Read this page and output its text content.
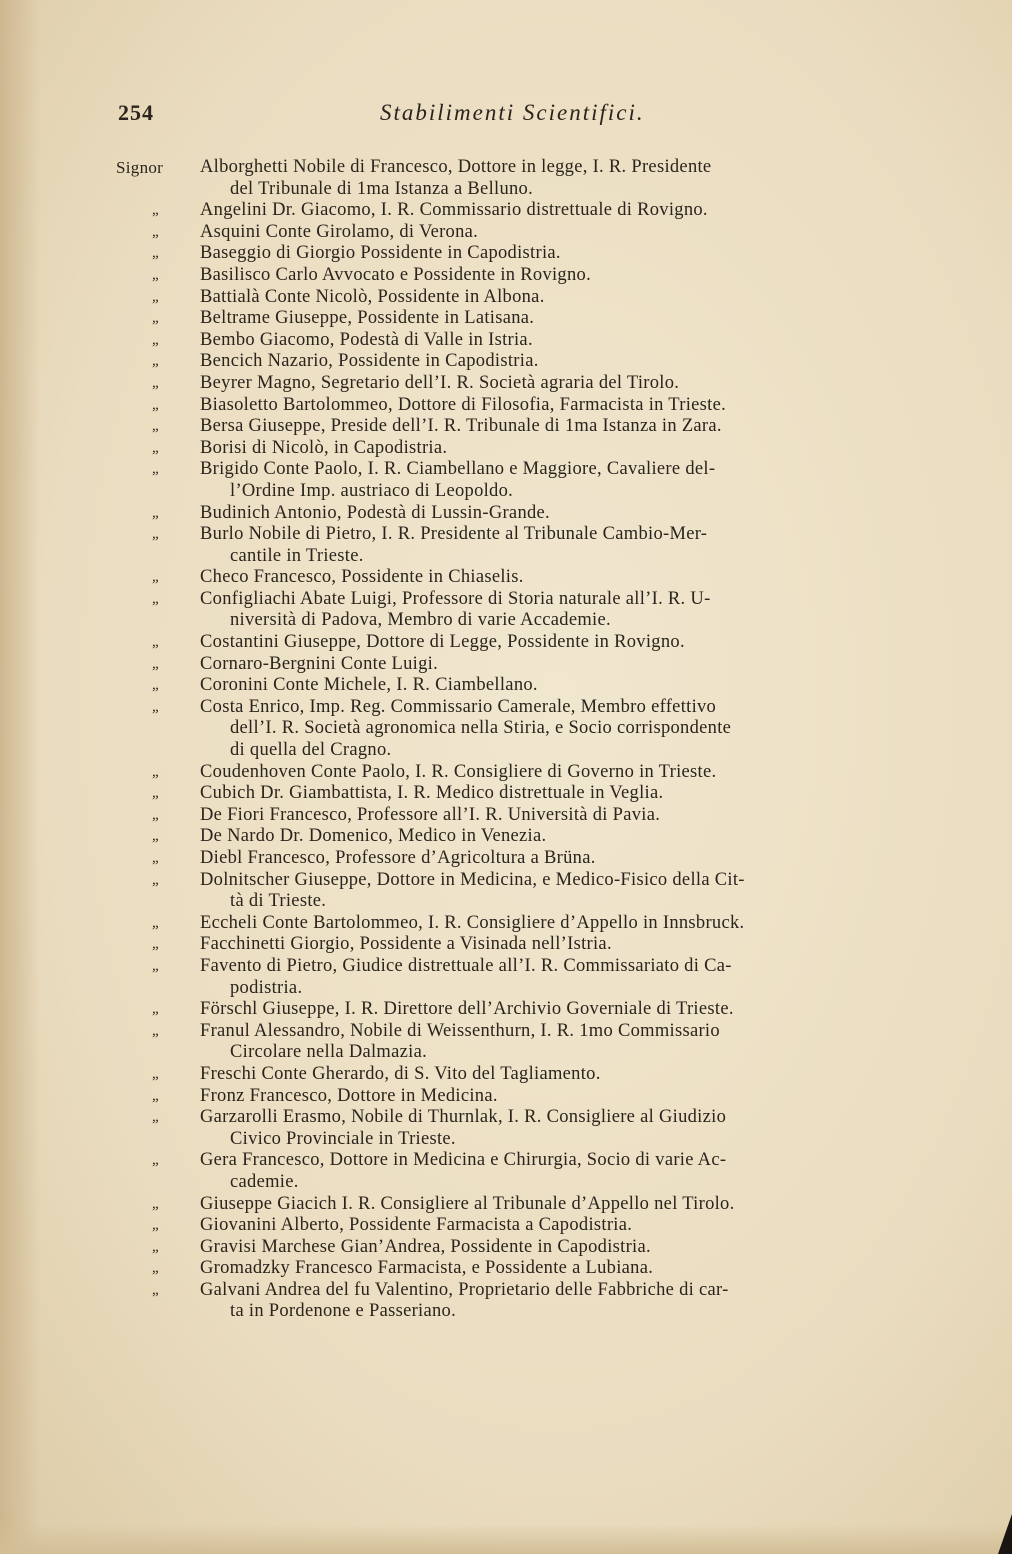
254	Stabilimenti Scientifici.
Signor	Alborghetti Nobile di Francesco, Dottore in legge, I. R. Presidente
del Tribunale di 1ma Istanza a Belluno.
„	Angelini Dr. Giacomo, I. R. Commissario distrettuale di Rovigno.
„	Asquini Conte Girolamo, di Verona.
„	Baseggio di Giorgio Possidente in Capodistria.
„	Basilisco Carlo Avvocato e Possidente in Rovigno.
„	Battialà Conte Nicolò, Possidente in Albona.
„	Beltrame Giuseppe, Possidente in Latisana.
„	Bembo Giacomo, Podestà di Valle in Istria.
„	Bencich Nazario, Possidente in Capodistria.
„	Beyrer Magno, Segretario dell’I. R. Società agraria del Tirolo.
„	Biasoletto Bartolommeo, Dottore di Filosofia, Farmacista in Trieste.
„	Bersa Giuseppe, Preside dell’I. R. Tribunale di 1ma Istanza in Zara.
„	Borisi di Nicolò, in Capodistria.
„	Brigido Conte Paolo, I. R. Ciambellano e Maggiore, Cavaliere del-
l’Ordine Imp. austriaco di Leopoldo.
„	Budinich Antonio, Podestà di Lussin-Grande.
„	Burlo Nobile di Pietro, I. R. Presidente al Tribunale Cambio-Mer-
cantile in Trieste.
„	Checo Francesco, Possidente in Chiaselis.
„	Configliachi Abate Luigi, Professore di Storia naturale all’I. R. U-
niversità di Padova, Membro di varie Accademie.
„	Costantini Giuseppe, Dottore di Legge, Possidente in Rovigno.
„	Cornaro-Bergnini Conte Luigi.
„	Coronini Conte Michele, I. R. Ciambellano.
„	Costa Enrico, Imp. Reg. Commissario Camerale, Membro effettivo
dell’I. R. Società agronomica nella Stiria, e Socio corrispondente
di quella del Cragno.
„	Coudenhoven Conte Paolo, I. R. Consigliere di Governo in Trieste.
„	Cubich Dr. Giambattista, I. R. Medico distrettuale in Veglia.
„	De Fiori Francesco, Professore all’I. R. Università di Pavia.
„	De Nardo Dr. Domenico, Medico in Venezia.
„	Diebl Francesco, Professore d’Agricoltura a Brüna.
„	Dolnitscher Giuseppe, Dottore in Medicina, e Medico-Fisico della Cit-
tà di Trieste.
„	Eccheli Conte Bartolommeo, I. R. Consigliere d’Appello in Innsbruck.
„	Facchinetti Giorgio, Possidente a Visinada nell’Istria.
„	Favento di Pietro, Giudice distrettuale all’I. R. Commissariato di Ca-
podistria.
„	Förschl Giuseppe, I. R. Direttore dell’Archivio Governiale di Trieste.
„	Franul Alessandro, Nobile di Weissenthurn, I. R. 1mo Commissario
Circolare nella Dalmazia.
„	Freschi Conte Gherardo, di S. Vito del Tagliamento.
„	Fronz Francesco, Dottore in Medicina.
„	Garzarolli Erasmo, Nobile di Thurnlak, I. R. Consigliere al Giudizio
Civico Provinciale in Trieste.
„	Gera Francesco, Dottore in Medicina e Chirurgia, Socio di varie Ac-
cademie.
„	Giuseppe Giacich I. R. Consigliere al Tribunale d’Appello nel Tirolo.
„	Giovanini Alberto, Possidente Farmacista a Capodistria.
„	Gravisi Marchese Gian’Andrea, Possidente in Capodistria.
„	Gromadzky Francesco Farmacista, e Possidente a Lubiana.
„	Galvani Andrea del fu Valentino, Proprietario delle Fabbriche di car-
ta in Pordenone e Passeriano.
